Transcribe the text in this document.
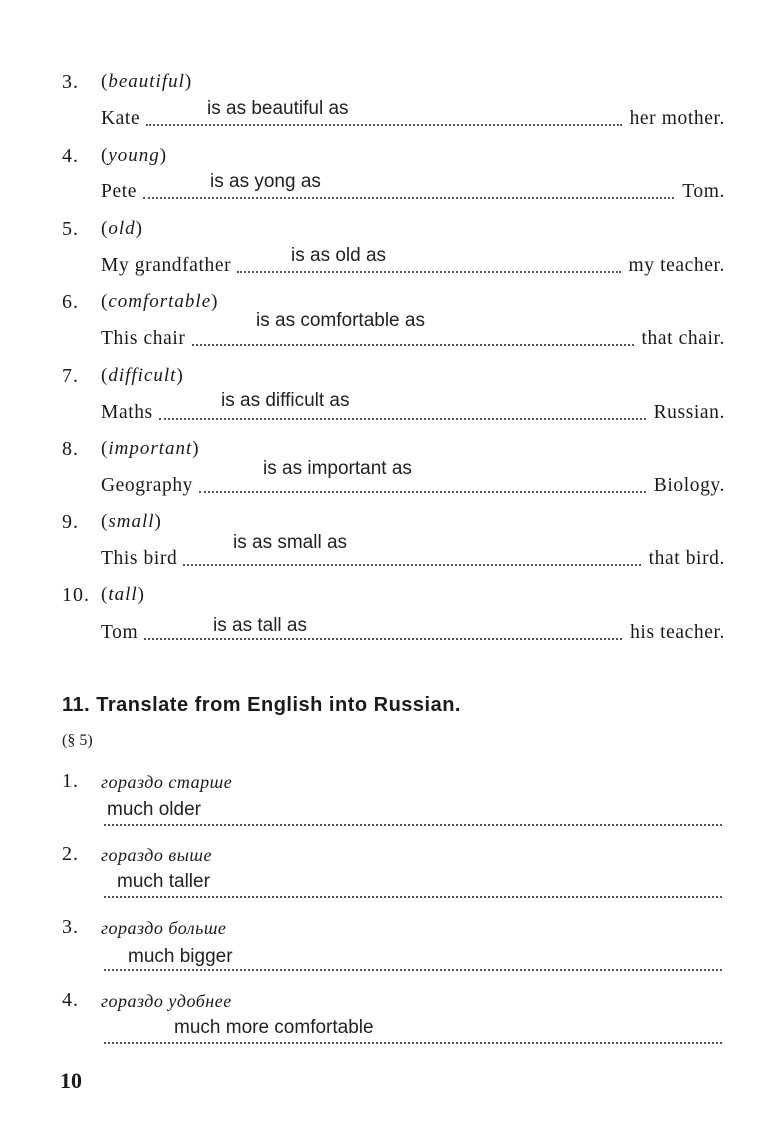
3. (beautiful)
is as beautiful as
Kate	her mother.
4. (young)
is as yong as
Pete	Tom.
5. (old)
is as old as
My grandfather	my teacher.
6. (comfortable)
is as comfortable as
This chair	that chair.
7. (difficult)
is as difficult as
Maths	Russian.
8. (important)
is as important as
Geography	Biology.
9. (small)
is as small as
This bird	that bird.
10. (tall)
is as tall as
Tom	his teacher.
11. Translate from English into Russian.
(§ 5)
1. гораздо старше
much older
2. гораздо выше
much taller
3. гораздо больше
much bigger
4. гораздо удобнее
much more comfortable
10
